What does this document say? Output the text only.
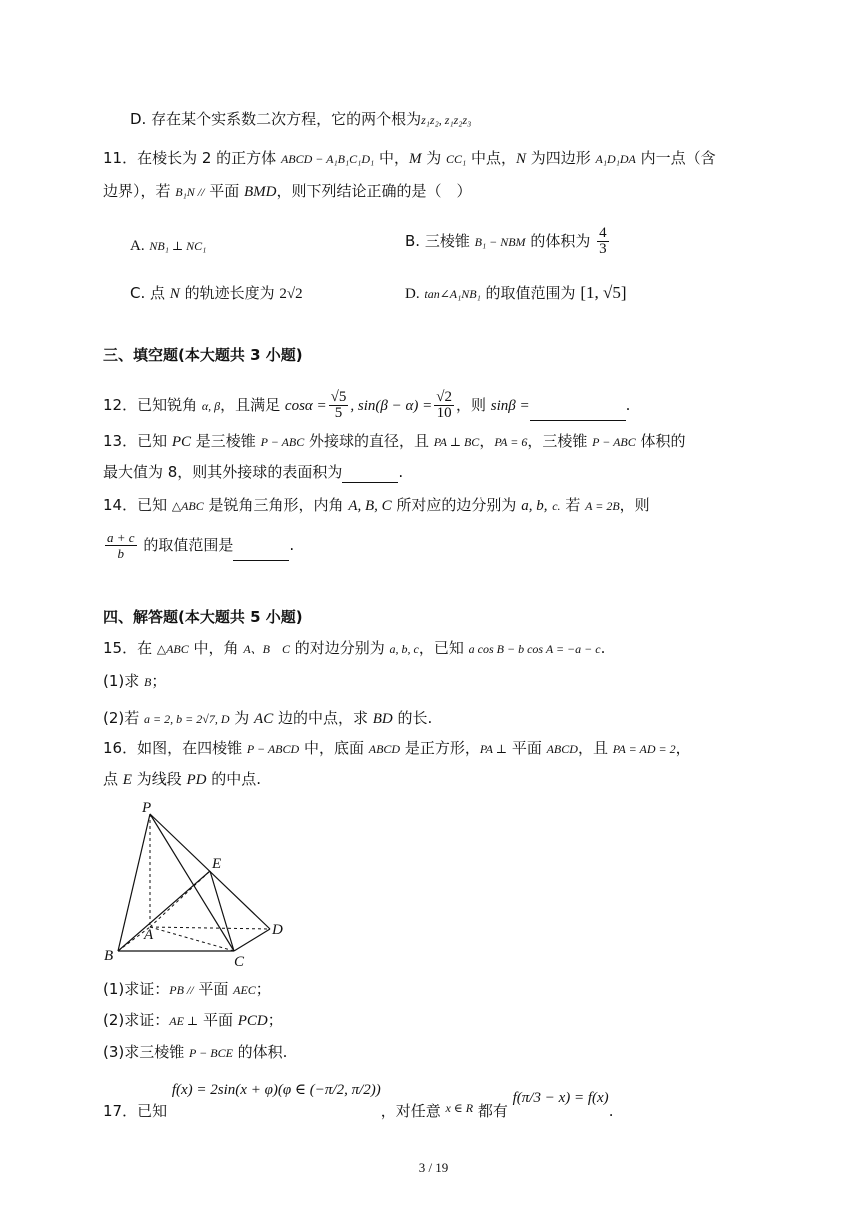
D. 存在某个实系数二次方程，它的两个根为z₁z₂, z₁z₂z₃
11．在棱长为 2 的正方体 ABCD − A₁B₁C₁D₁ 中，M 为 CC₁ 中点，N 为四边形 A₁D₁DA 内一点（含
边界），若 B₁N // 平面 BMD，则下列结论正确的是（　）
A. NB₁ ⊥ NC₁	B. 三棱锥 B₁ − NBM 的体积为 $\frac{4}{3}$
C. 点 N 的轨迹长度为 2√2	D. tan∠A₁NB₁ 的取值范围为 [1, √5]
三、填空题(本大题共 3 小题)
12．已知锐角 α, β，且满足 $\cos\alpha = \frac{√5}{5}$ , $\sin(\beta - \alpha) = \frac{√2}{10}$ ，则 sinβ =	.
13．已知 PC 是三棱锥 P − ABC 外接球的直径，且 PA ⊥ BC，PA = 6，三棱锥 P − ABC 体积的
最大值为 8，则其外接球的表面积为	.
14．已知 △ABC 是锐角三角形，内角 A, B, C 所对应的边分别为 a, b, c. 若 A = 2B，则
$\frac{a + c}{b}$ 的取值范围是	.
四、解答题(本大题共 5 小题)
15．在 △ABC 中，角 A、B　C 的对边分别为 a, b, c，已知 a cos B − b cos A = −a − c.
(1)求 B；
(2)若 a = 2, b = 2√7, D 为 AC 边的中点，求 BD 的长.
16．如图，在四棱锥 P − ABCD 中，底面 ABCD 是正方形，PA ⊥ 平面 ABCD，且 PA = AD = 2，
点 E 为线段 PD 的中点.
P
E
A
B	C
D
(1)求证：PB // 平面 AEC；
(2)求证：AE ⊥ 平面 PCD；
(3)求三棱锥 P − BCE 的体积.
17．已知 f(x) = 2sin(x + φ)(φ ∈ (−π/2, π/2))，对任意 $^{x \in R}$ 都有 f(π/3 − x) = f(x).
3 / 19
